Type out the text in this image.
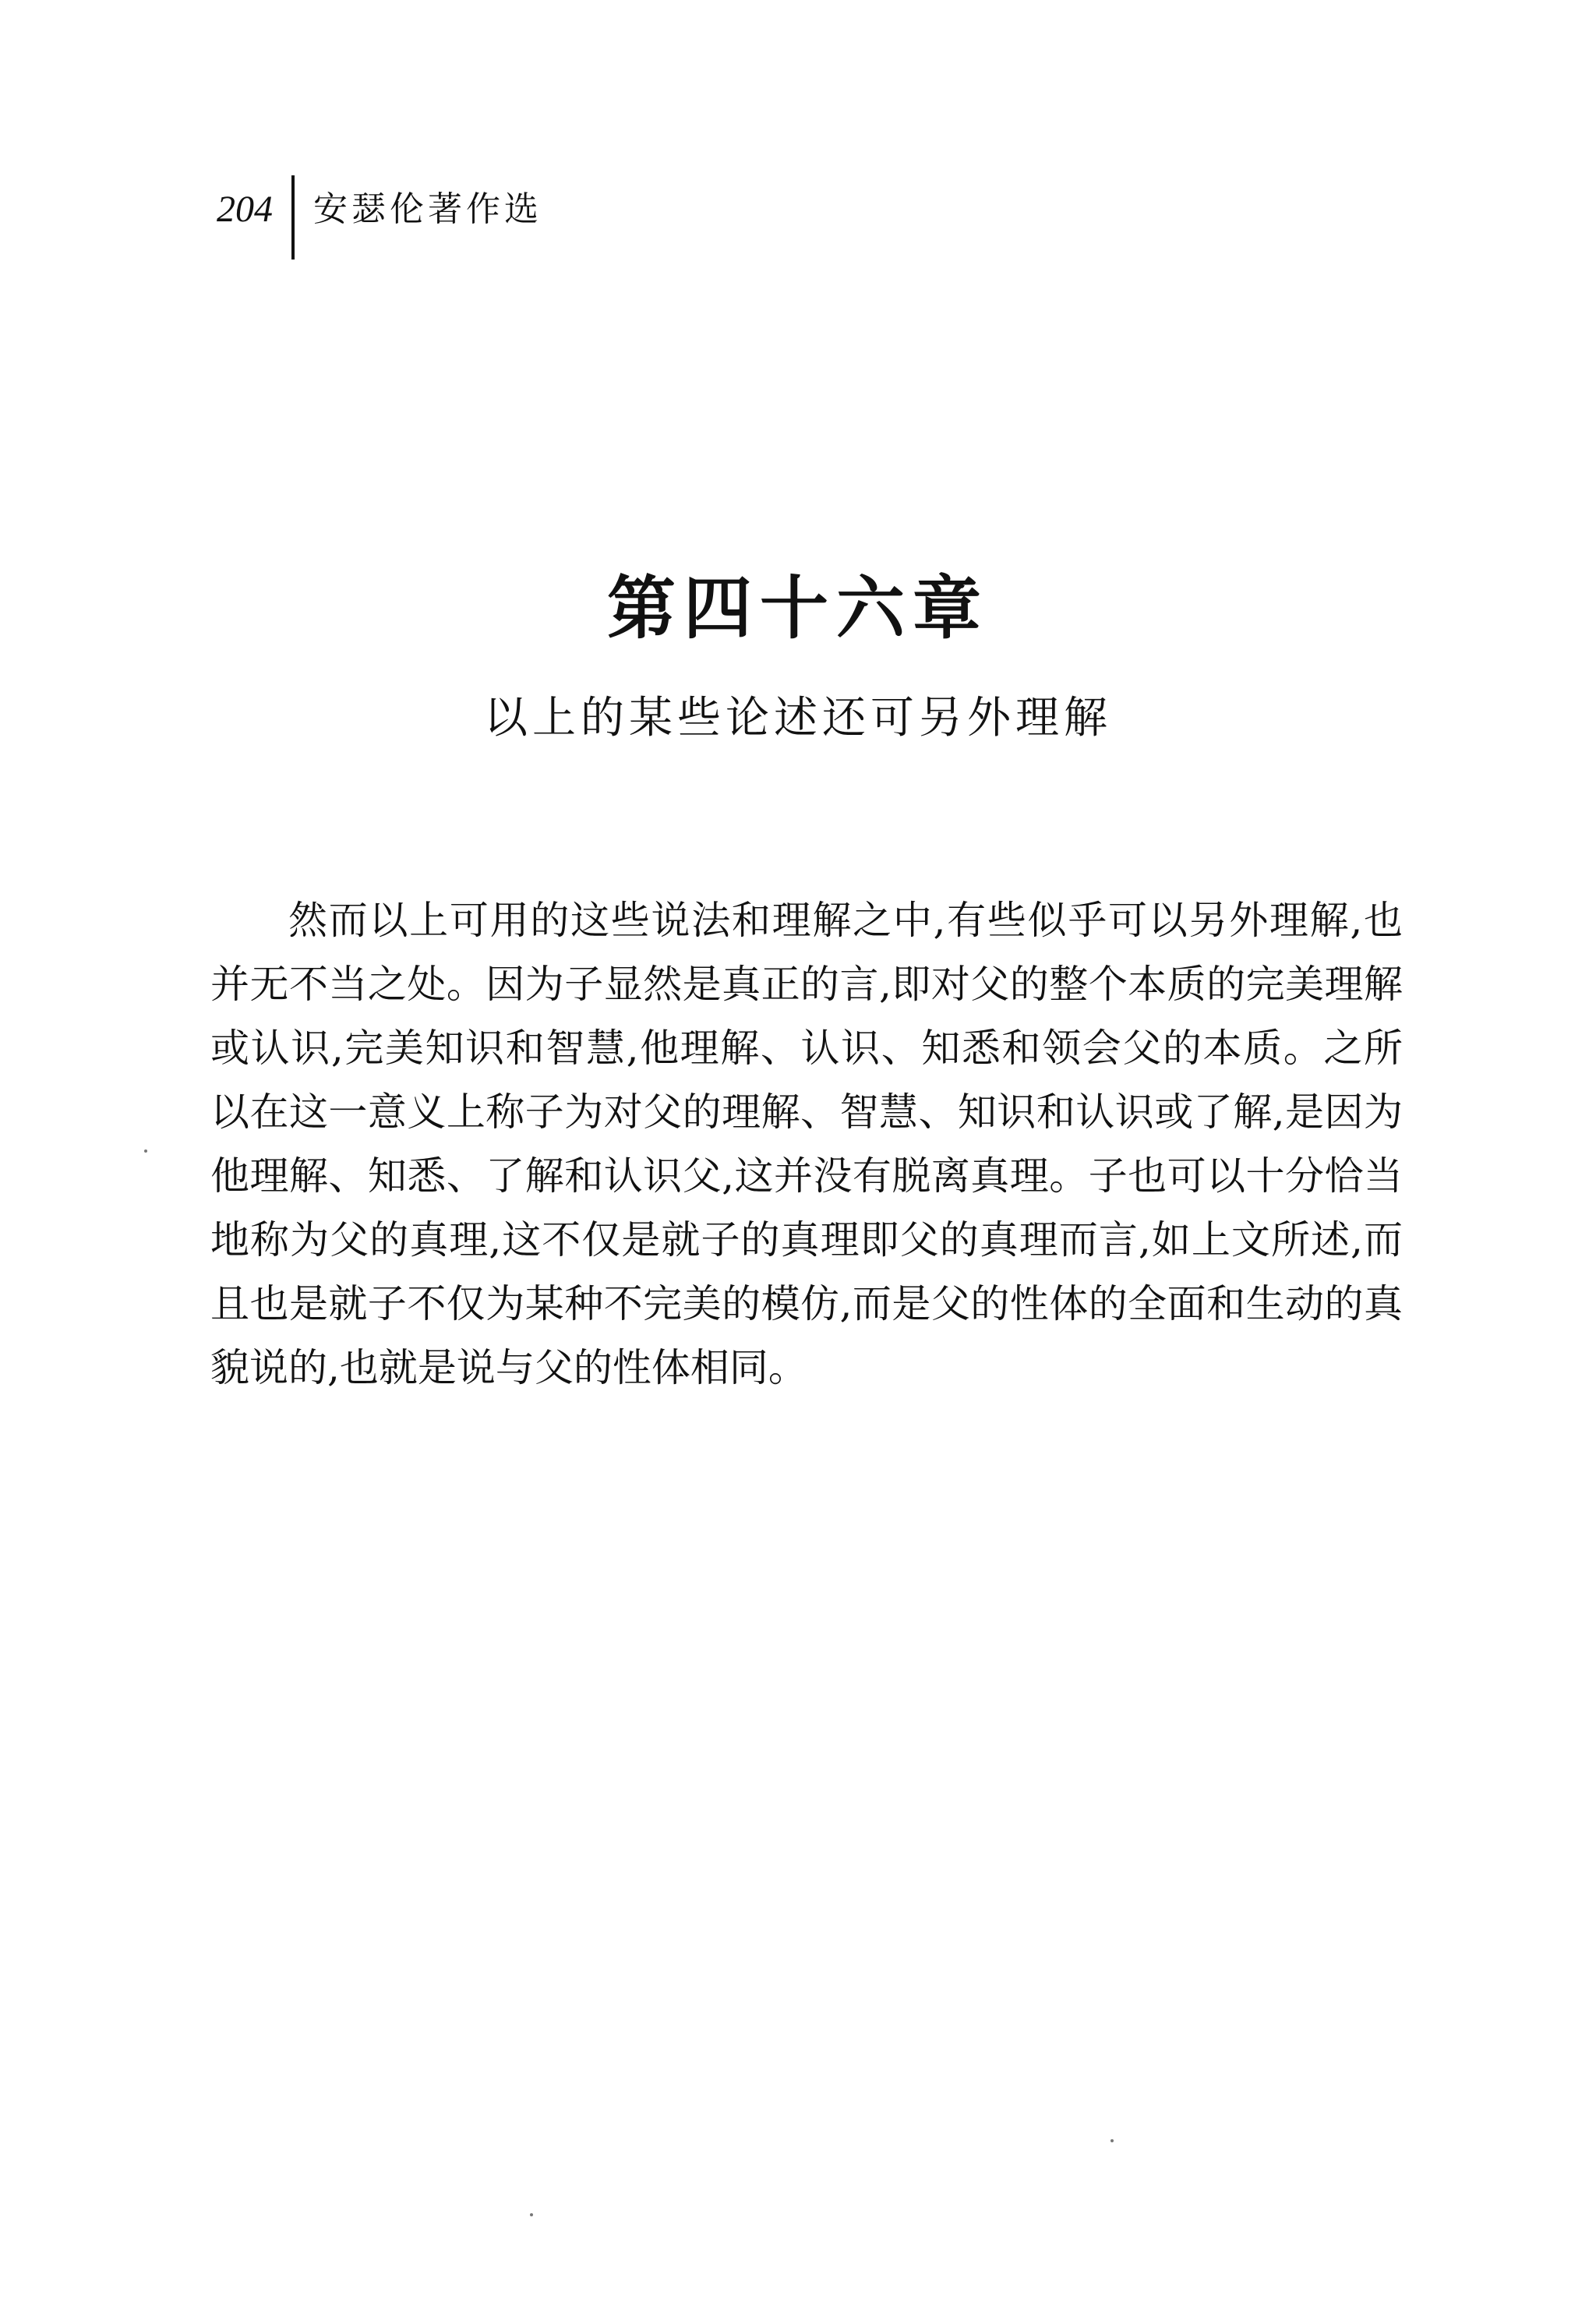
204 安瑟伦著作选
第四十六章
以上的某些论述还可另外理解

然而以上可用的这些说法和理解之中,有些似乎可以另外理解,也并无不当之处。因为子显然是真正的言,即对父的整个本质的完美理解或认识,完美知识和智慧,他理解、认识、知悉和领会父的本质。之所以在这一意义上称子为对父的理解、智慧、知识和认识或了解,是因为他理解、知悉、了解和认识父,这并没有脱离真理。子也可以十分恰当地称为父的真理,这不仅是就子的真理即父的真理而言,如上文所述,而且也是就子不仅为某种不完美的模仿,而是父的性体的全面和生动的真貌说的,也就是说与父的性体相同。
